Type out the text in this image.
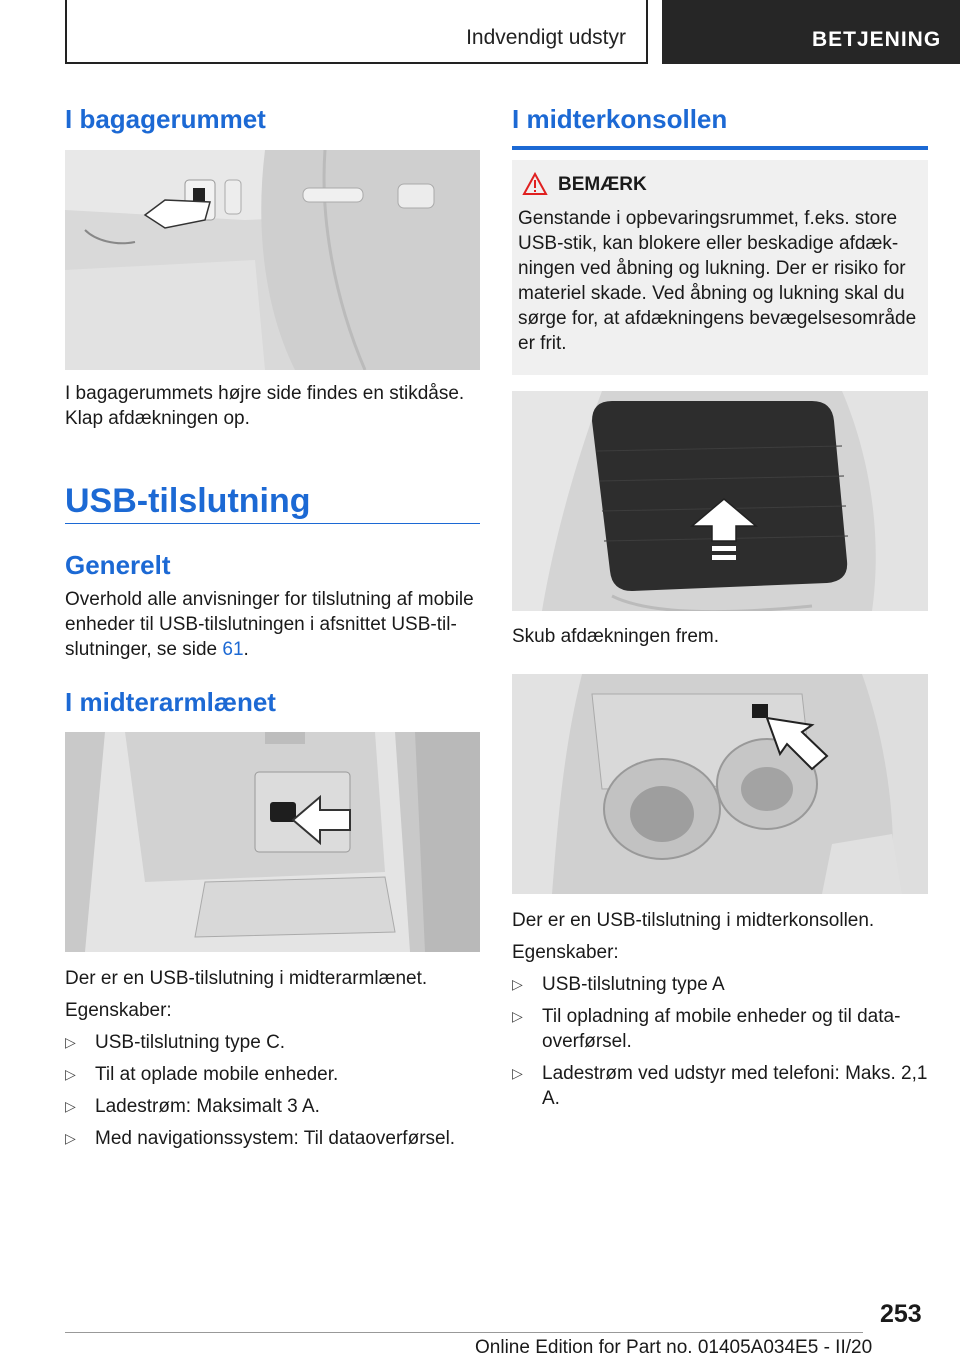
Indvendigt udstyr	BETJENING
I bagagerummet
I bagagerummets højre side findes en stikdåse. Klap afdækningen op.
USB-tilslutning
Generelt
Overhold alle anvisninger for tilslutning af mobile enheder til USB-tilslutningen i afsnittet USB-tilslutninger, se side 61.
I midterarmlænet
Der er en USB-tilslutning i midterarmlænet.
Egenskaber:
▷ USB-tilslutning type C.
▷ Til at oplade mobile enheder.
▷ Ladestrøm: Maksimalt 3 A.
▷ Med navigationssystem: Til dataoverførsel.
I midterkonsollen
BEMÆRK
Genstande i opbevaringsrummet, f.eks. store USB-stik, kan blokere eller beskadige afdækningen ved åbning og lukning. Der er risiko for materiel skade. Ved åbning og lukning skal du sørge for, at afdækningens bevægelsesområde er frit.
Skub afdækningen frem.
Der er en USB-tilslutning i midterkonsollen.
Egenskaber:
▷ USB-tilslutning type A
▷ Til opladning af mobile enheder og til dataoverførsel.
▷ Ladestrøm ved udstyr med telefoni: Maks. 2,1 A.
253
Online Edition for Part no. 01405A034E5 - II/20
